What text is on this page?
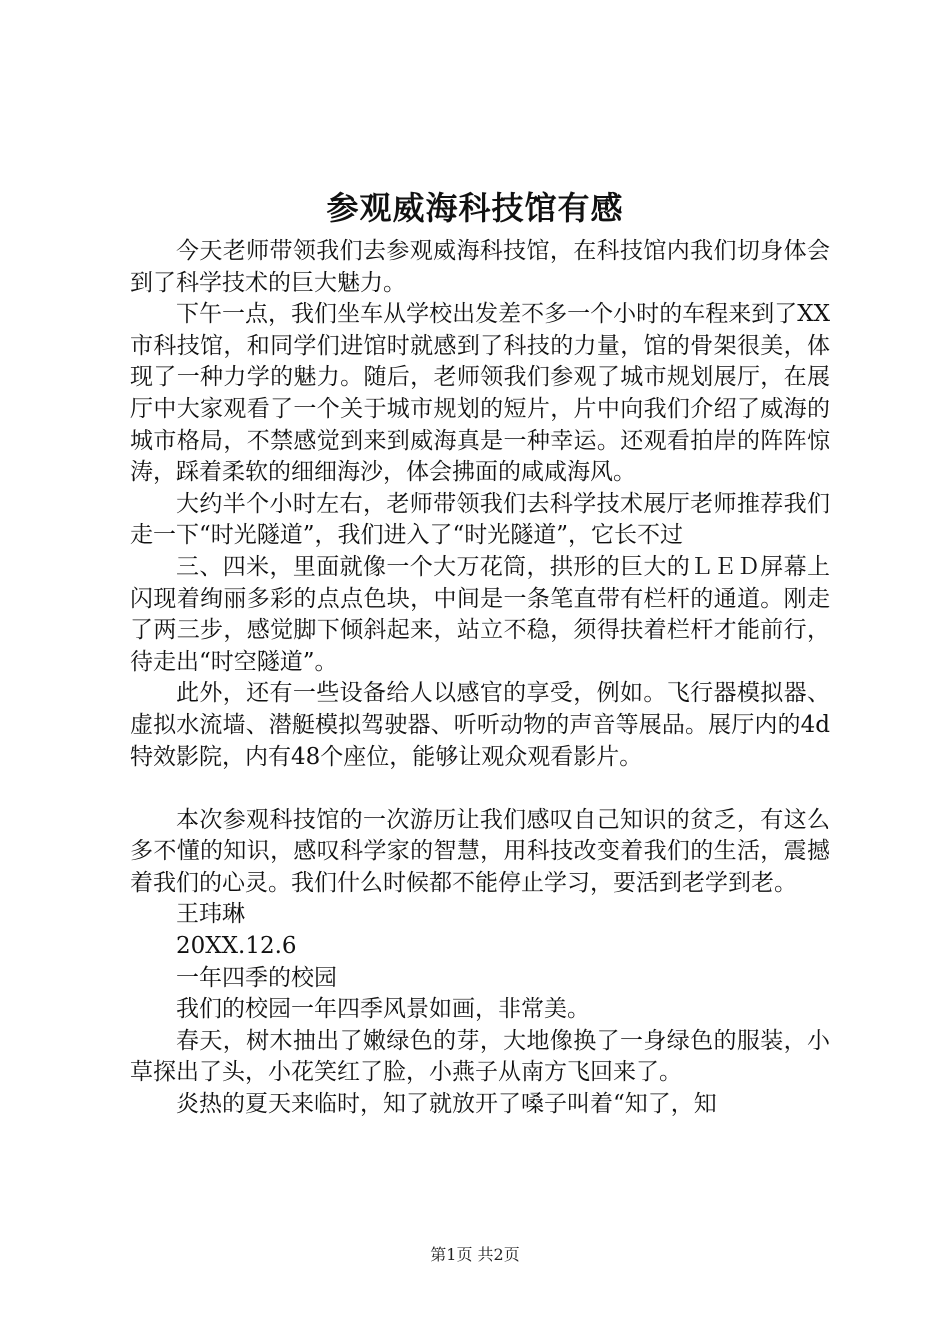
参观威海科技馆有感

今天老师带领我们去参观威海科技馆，在科技馆内我们切身体会到了科学技术的巨大魅力。

下午一点，我们坐车从学校出发差不多一个小时的车程来到了XX市科技馆，和同学们进馆时就感到了科技的力量，馆的骨架很美，体现了一种力学的魅力。随后，老师领我们参观了城市规划展厅，在展厅中大家观看了一个关于城市规划的短片，片中向我们介绍了威海的城市格局，不禁感觉到来到威海真是一种幸运。还观看拍岸的阵阵惊涛，踩着柔软的细细海沙，体会拂面的咸咸海风。

大约半个小时左右，老师带领我们去科学技术展厅老师推荐我们走一下“时光隧道”，我们进入了“时光隧道”，它长不过

三、四米，里面就像一个大万花筒，拱形的巨大的ＬＥＤ屏幕上闪现着绚丽多彩的点点色块，中间是一条笔直带有栏杆的通道。刚走了两三步，感觉脚下倾斜起来，站立不稳，须得扶着栏杆才能前行，待走出“时空隧道”。

此外，还有一些设备给人以感官的享受，例如。飞行器模拟器、虚拟水流墙、潜艇模拟驾驶器、听听动物的声音等展品。展厅内的4d特效影院，内有48个座位，能够让观众观看影片。

本次参观科技馆的一次游历让我们感叹自己知识的贫乏，有这么多不懂的知识，感叹科学家的智慧，用科技改变着我们的生活，震撼着我们的心灵。我们什么时候都不能停止学习，要活到老学到老。

王玮琳

20XX.12.6

一年四季的校园

我们的校园一年四季风景如画，非常美。

春天，树木抽出了嫩绿色的芽，大地像换了一身绿色的服装，小草探出了头，小花笑红了脸，小燕子从南方飞回来了。

炎热的夏天来临时，知了就放开了嗓子叫着“知了，知

第1页 共2页
